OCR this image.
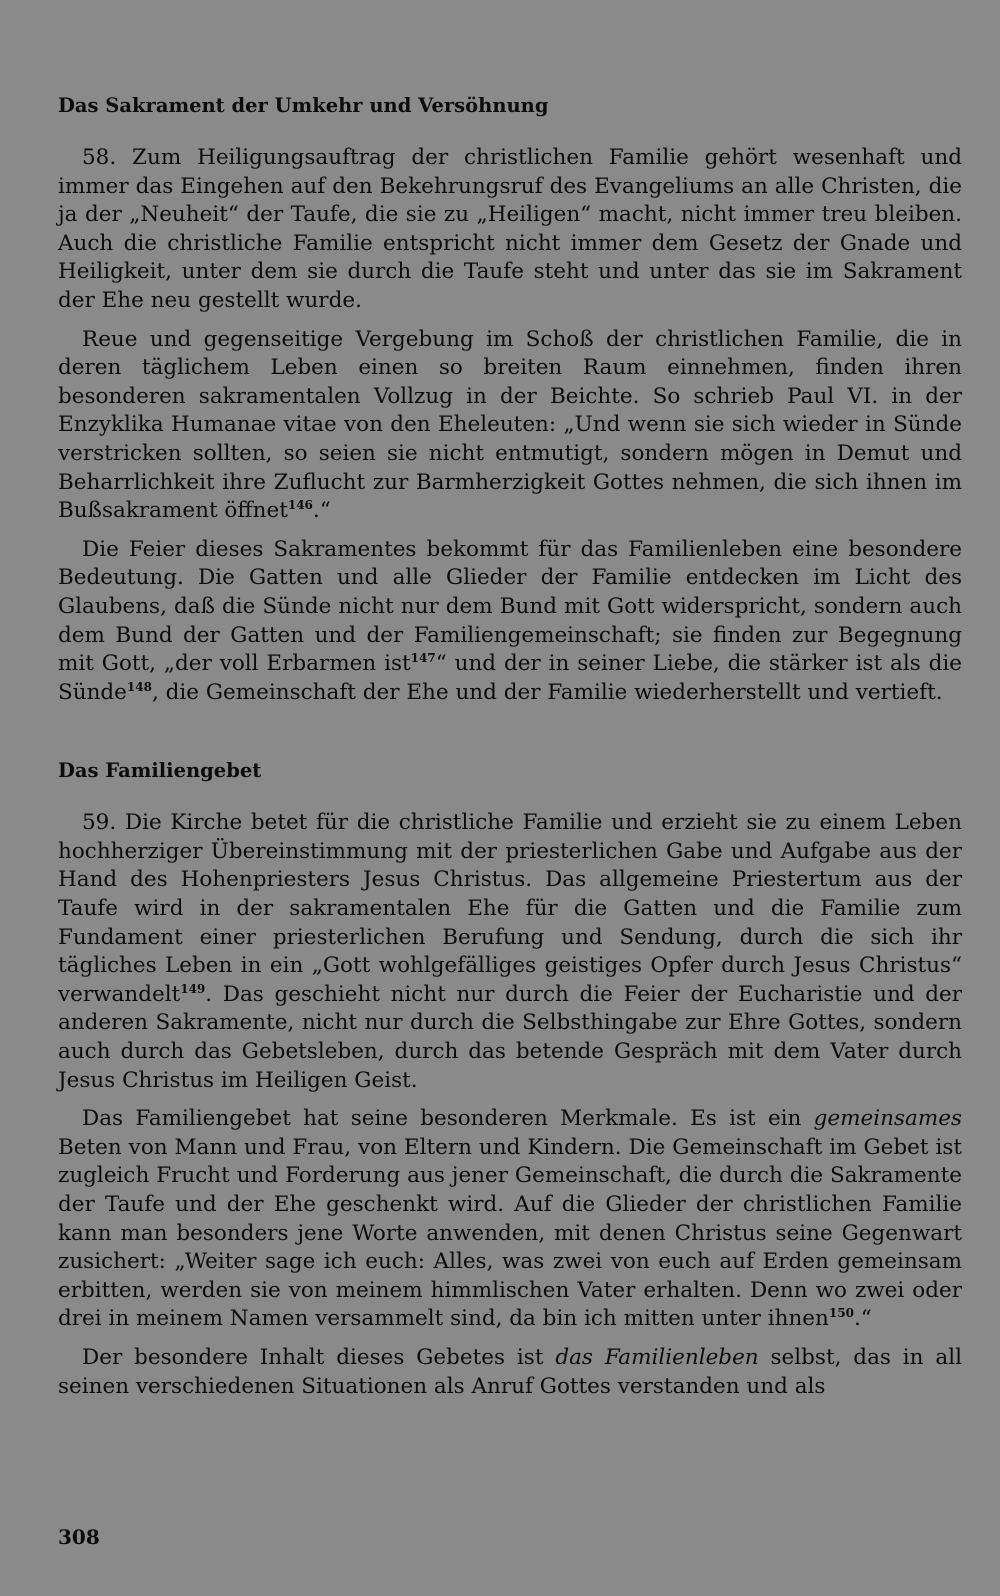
Das Sakrament der Umkehr und Versöhnung

58. Zum Heiligungsauftrag der christlichen Familie gehört wesenhaft und immer das Eingehen auf den Bekehrungsruf des Evangeliums an alle Christen, die ja der „Neuheit“ der Taufe, die sie zu „Heiligen“ macht, nicht immer treu bleiben. Auch die christliche Familie entspricht nicht immer dem Gesetz der Gnade und Heiligkeit, unter dem sie durch die Taufe steht und unter das sie im Sakrament der Ehe neu gestellt wurde.

Reue und gegenseitige Vergebung im Schoß der christlichen Familie, die in deren täglichem Leben einen so breiten Raum einnehmen, finden ihren besonderen sakramentalen Vollzug in der Beichte. So schrieb Paul VI. in der Enzyklika Humanae vitae von den Eheleuten: „Und wenn sie sich wieder in Sünde verstricken sollten, so seien sie nicht entmutigt, sondern mögen in Demut und Beharrlichkeit ihre Zuflucht zur Barmherzigkeit Gottes nehmen, die sich ihnen im Bußsakrament öffnet$^{146}$.“

Die Feier dieses Sakramentes bekommt für das Familienleben eine besondere Bedeutung. Die Gatten und alle Glieder der Familie entdecken im Licht des Glaubens, daß die Sünde nicht nur dem Bund mit Gott widerspricht, sondern auch dem Bund der Gatten und der Familiengemeinschaft; sie finden zur Begegnung mit Gott, „der voll Erbarmen ist$^{147}$“ und der in seiner Liebe, die stärker ist als die Sünde$^{148}$, die Gemeinschaft der Ehe und der Familie wiederherstellt und vertieft.

Das Familiengebet

59. Die Kirche betet für die christliche Familie und erzieht sie zu einem Leben hochherziger Übereinstimmung mit der priesterlichen Gabe und Aufgabe aus der Hand des Hohenpriesters Jesus Christus. Das allgemeine Priestertum aus der Taufe wird in der sakramentalen Ehe für die Gatten und die Familie zum Fundament einer priesterlichen Berufung und Sendung, durch die sich ihr tägliches Leben in ein „Gott wohlgefälliges geistiges Opfer durch Jesus Christus“ verwandelt$^{149}$. Das geschieht nicht nur durch die Feier der Eucharistie und der anderen Sakramente, nicht nur durch die Selbsthingabe zur Ehre Gottes, sondern auch durch das Gebetsleben, durch das betende Gespräch mit dem Vater durch Jesus Christus im Heiligen Geist.

Das Familiengebet hat seine besonderen Merkmale. Es ist ein gemeinsames Beten von Mann und Frau, von Eltern und Kindern. Die Gemeinschaft im Gebet ist zugleich Frucht und Forderung aus jener Gemeinschaft, die durch die Sakramente der Taufe und der Ehe geschenkt wird. Auf die Glieder der christlichen Familie kann man besonders jene Worte anwenden, mit denen Christus seine Gegenwart zusichert: „Weiter sage ich euch: Alles, was zwei von euch auf Erden gemeinsam erbitten, werden sie von meinem himmlischen Vater erhalten. Denn wo zwei oder drei in meinem Namen versammelt sind, da bin ich mitten unter ihnen$^{150}$.“

Der besondere Inhalt dieses Gebetes ist das Familienleben selbst, das in all seinen verschiedenen Situationen als Anruf Gottes verstanden und als

308
